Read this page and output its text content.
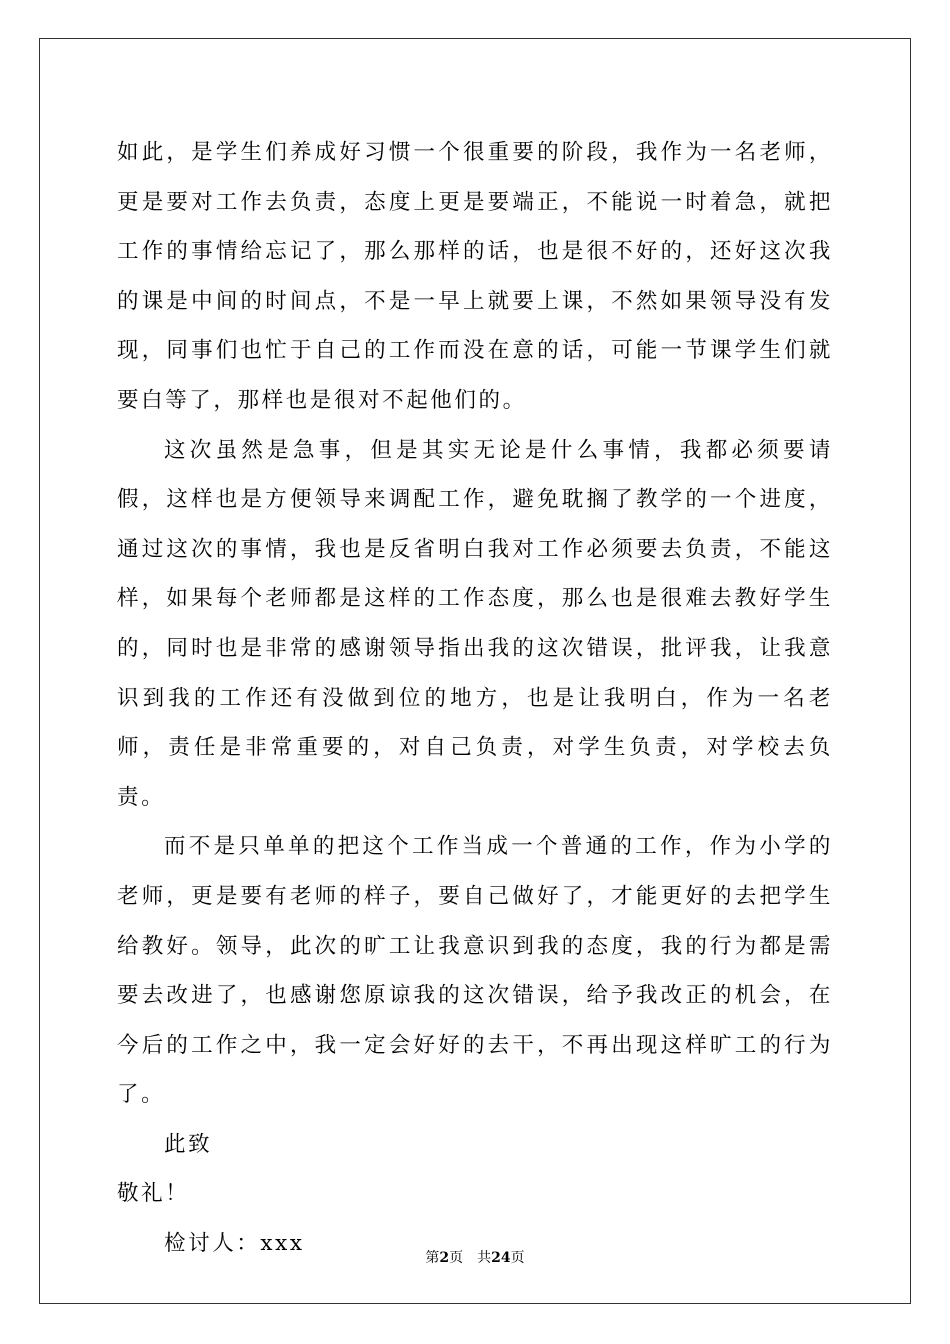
如此，是学生们养成好习惯一个很重要的阶段，我作为一名老师，更是要对工作去负责，态度上更是要端正，不能说一时着急，就把工作的事情给忘记了，那么那样的话，也是很不好的，还好这次我的课是中间的时间点，不是一早上就要上课，不然如果领导没有发现，同事们也忙于自己的工作而没在意的话，可能一节课学生们就要白等了，那样也是很对不起他们的。

这次虽然是急事，但是其实无论是什么事情，我都必须要请假，这样也是方便领导来调配工作，避免耽搁了教学的一个进度，通过这次的事情，我也是反省明白我对工作必须要去负责，不能这样，如果每个老师都是这样的工作态度，那么也是很难去教好学生的，同时也是非常的感谢领导指出我的这次错误，批评我，让我意识到我的工作还有没做到位的地方，也是让我明白，作为一名老师，责任是非常重要的，对自己负责，对学生负责，对学校去负责。

而不是只单单的把这个工作当成一个普通的工作，作为小学的老师，更是要有老师的样子，要自己做好了，才能更好的去把学生给教好。领导，此次的旷工让我意识到我的态度，我的行为都是需要去改进了，也感谢您原谅我的这次错误，给予我改正的机会，在今后的工作之中，我一定会好好的去干，不再出现这样旷工的行为了。

此致

敬礼！

检讨人：xxx

第2页 共24页
